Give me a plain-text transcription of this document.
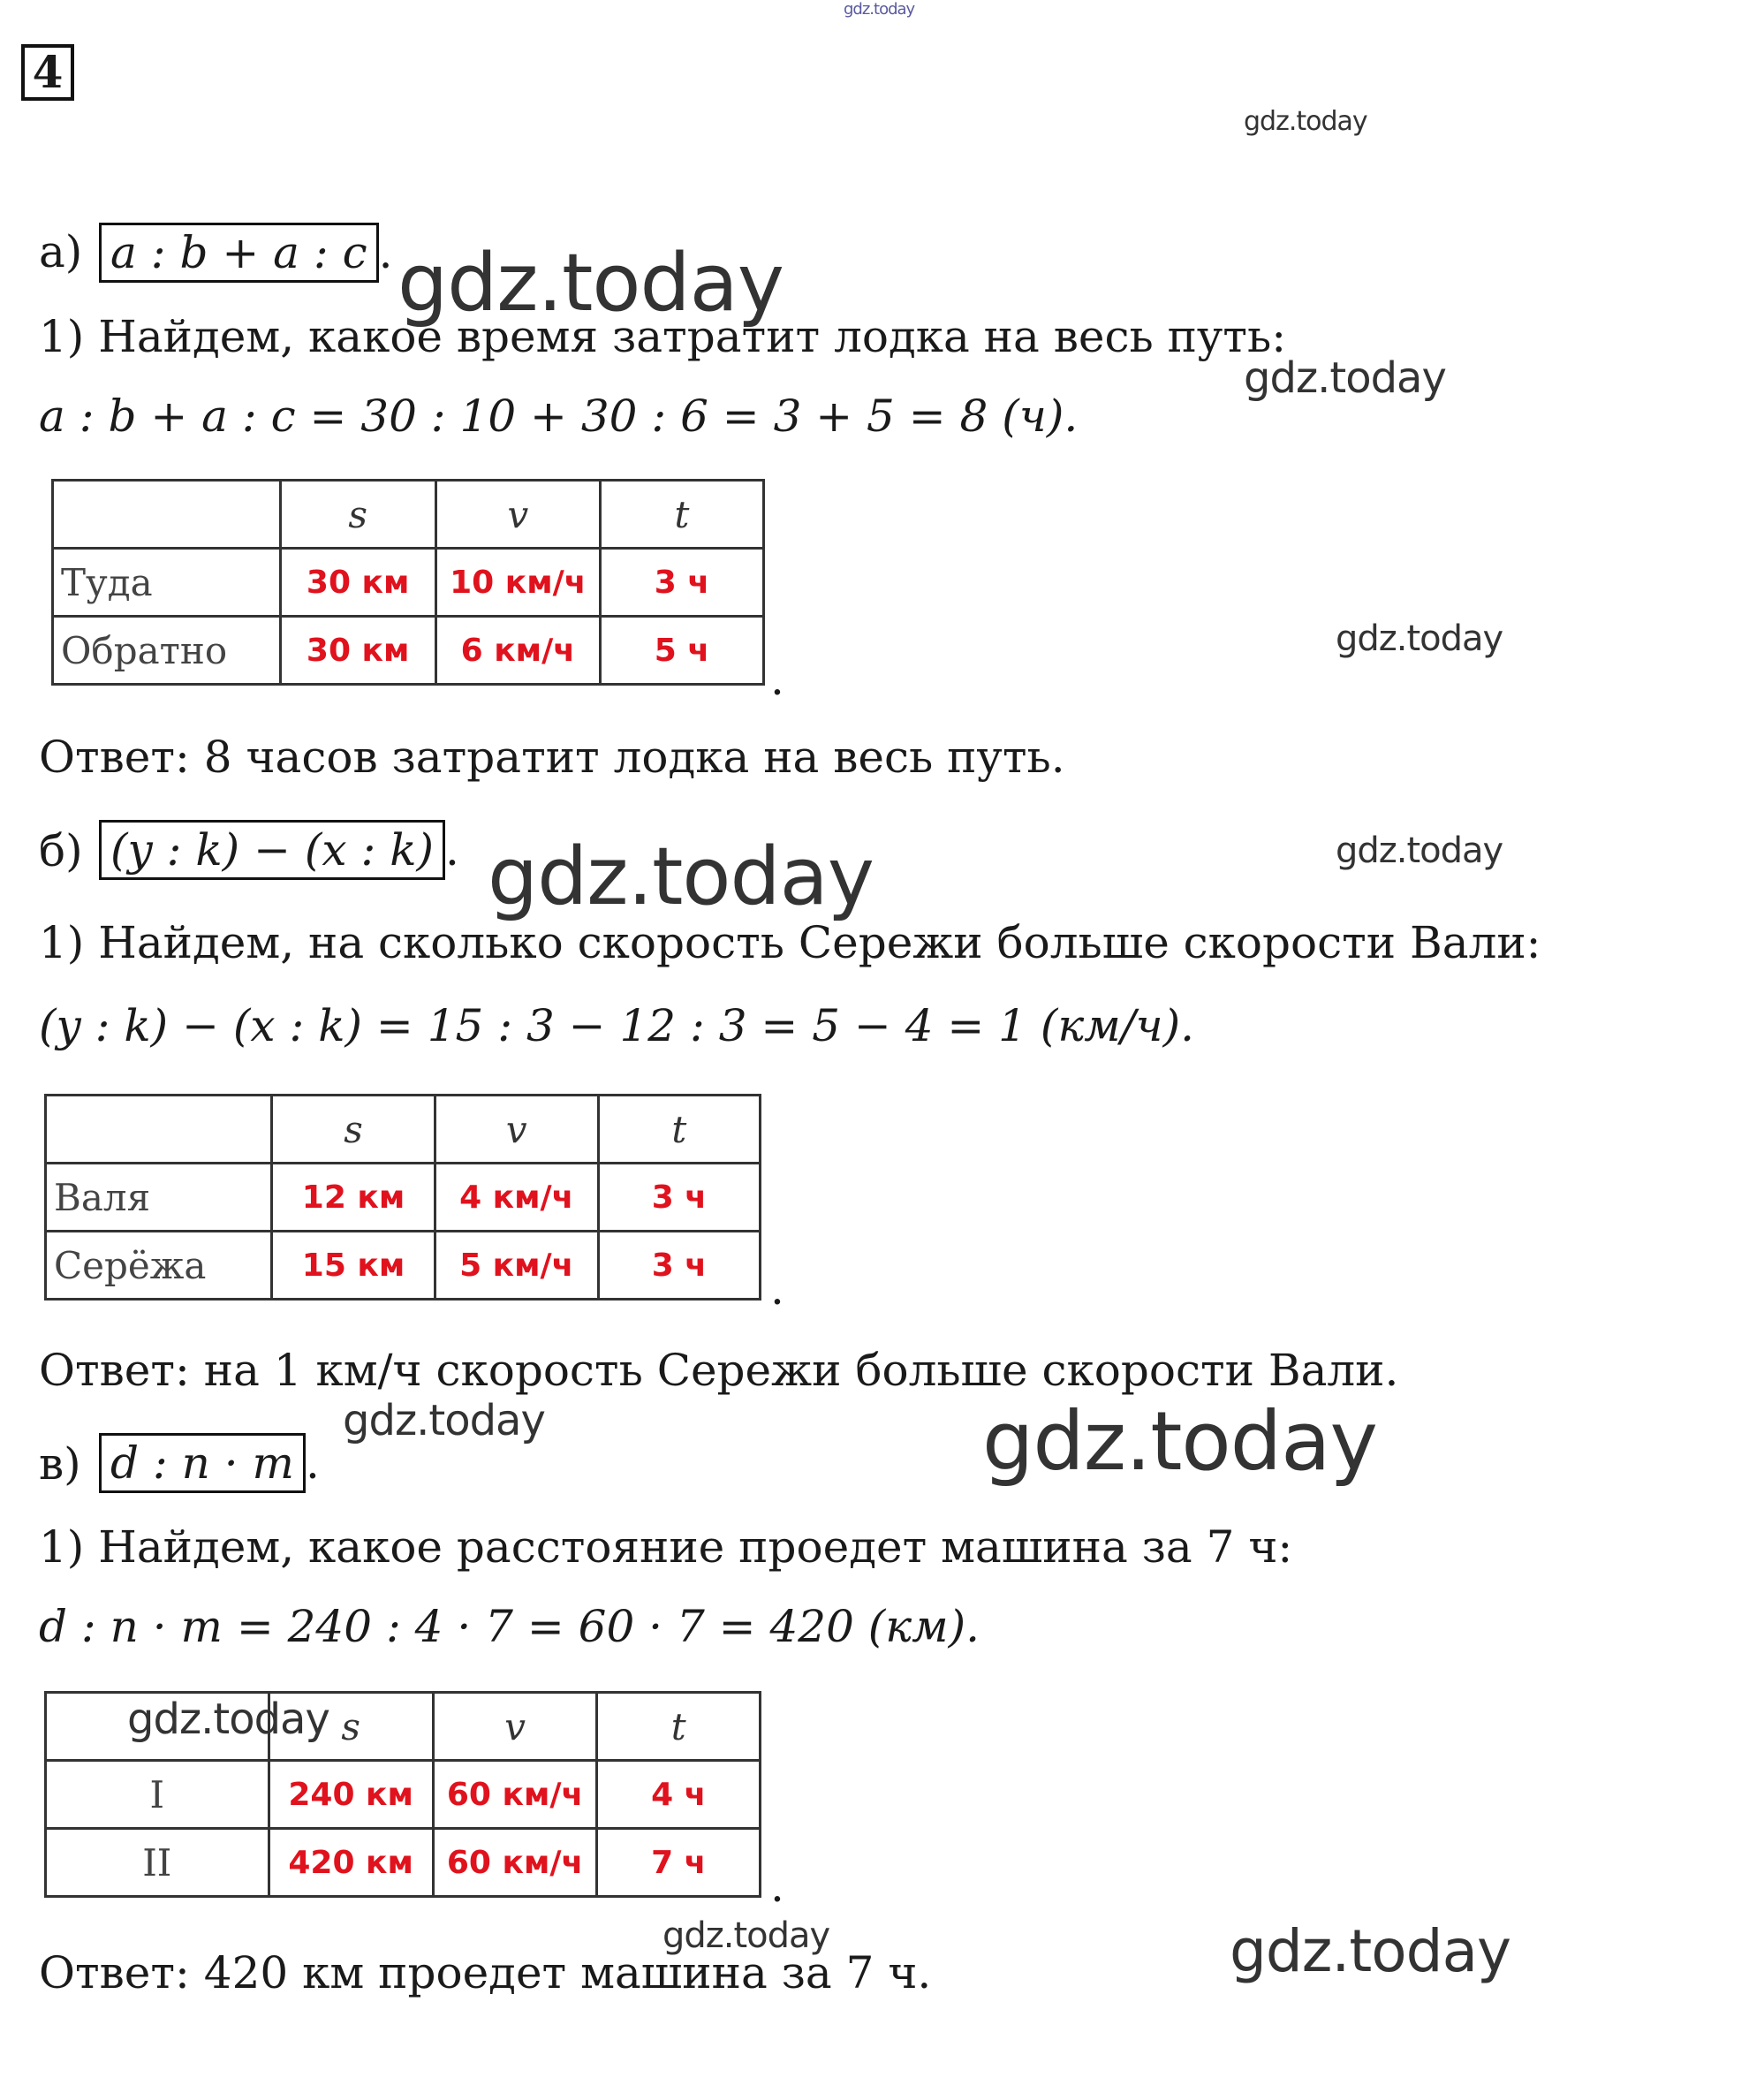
gdz.today
4
gdz.today
а) a : b + a : c . gdz.today
1) Найдем, какое время затратит лодка на весь путь:
gdz.today
a : b + a : c = 30 : 10 + 30 : 6 = 3 + 5 = 8 (ч).
	s	v	t
Туда	30 км	10 км/ч	3 ч
Обратно	30 км	6 км/ч	5 ч
.
gdz.today
Ответ: 8 часов затратит лодка на весь путь.
б) (y : k) − (x : k) . gdz.today	gdz.today
1) Найдем, на сколько скорость Сережи больше скорости Вали:
(y : k) − (x : k) = 15 : 3 − 12 : 3 = 5 − 4 = 1 (км/ч).
	s	v	t
Валя	12 км	4 км/ч	3 ч
Серёжа	15 км	5 км/ч	3 ч .
Ответ: на 1 км/ч скорость Сережи больше скорости Вали.
gdz.today	gdz.today
в) d : n · m .
1) Найдем, какое расстояние проедет машина за 7 ч:
d : n · m = 240 : 4 · 7 = 60 · 7 = 420 (км).
	s	v	t
I	240 км	60 км/ч	4 ч
II	420 км	60 км/ч	7 ч
gdz.today
.
gdz.today	gdz.today
Ответ: 420 км проедет машина за 7 ч.
